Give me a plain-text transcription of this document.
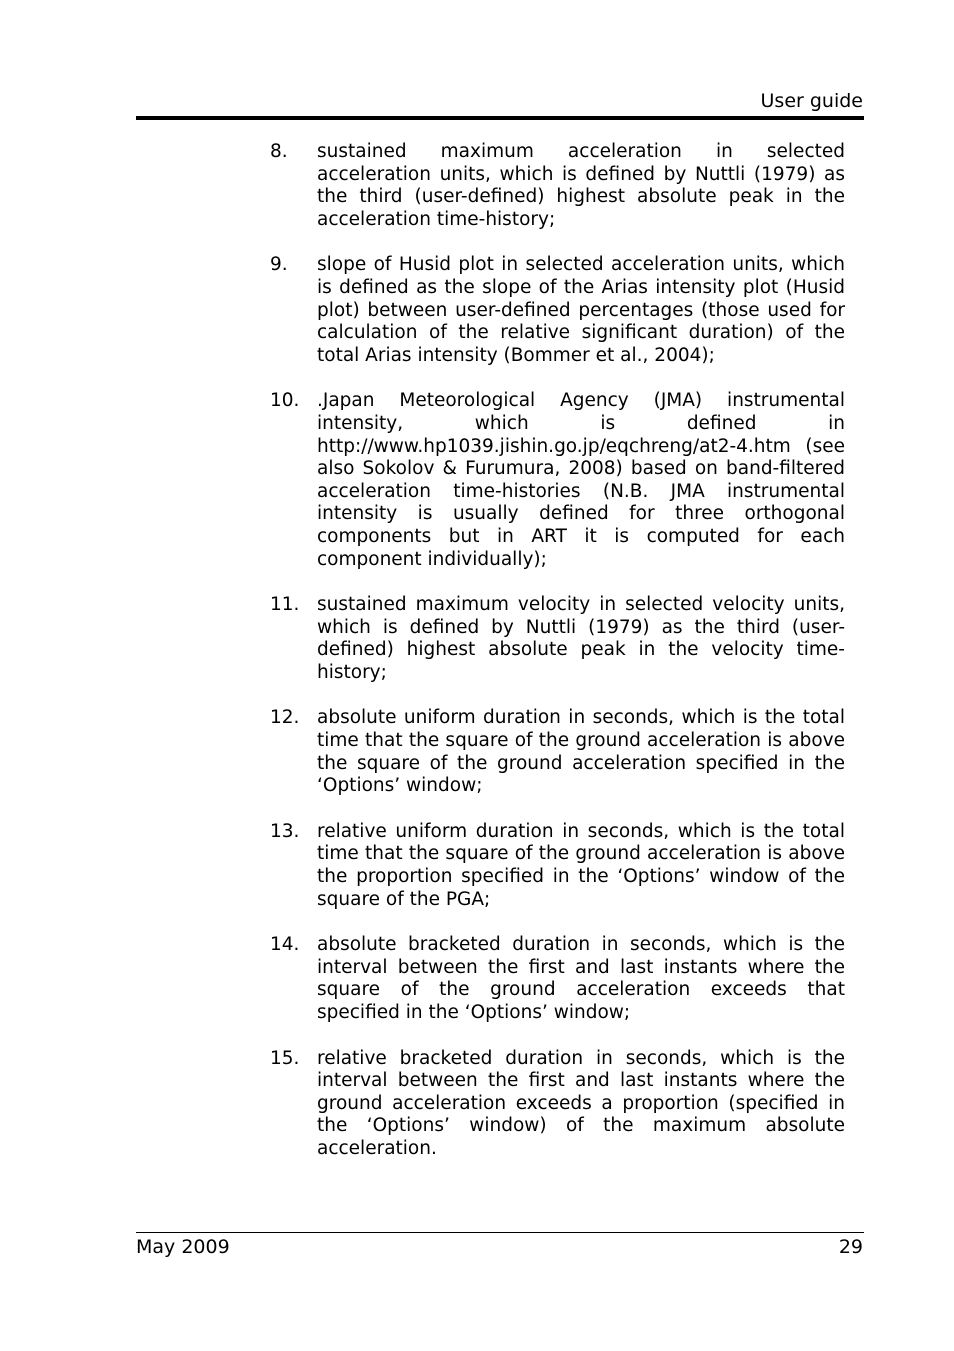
User guide
8.	sustained maximum acceleration in selected acceleration units, which is defined by Nuttli (1979) as the third (user-defined) highest absolute peak in the acceleration time-history;
9.	slope of Husid plot in selected acceleration units, which is defined as the slope of the Arias intensity plot (Husid plot) between user-defined percentages (those used for calculation of the relative significant duration) of the total Arias intensity (Bommer et al., 2004);
10. .Japan Meteorological Agency (JMA) instrumental intensity, which is defined in http://www.hp1039.jishin.go.jp/eqchreng/at2-4.htm (see also Sokolov & Furumura, 2008) based on band-filtered acceleration time-histories (N.B. JMA instrumental intensity is usually defined for three orthogonal components but in ART it is computed for each component individually);
11. sustained maximum velocity in selected velocity units, which is defined by Nuttli (1979) as the third (user-defined) highest absolute peak in the velocity time-history;
12. absolute uniform duration in seconds, which is the total time that the square of the ground acceleration is above the square of the ground acceleration specified in the ‘Options’ window;
13. relative uniform duration in seconds, which is the total time that the square of the ground acceleration is above the proportion specified in the ‘Options’ window of the square of the PGA;
14. absolute bracketed duration in seconds, which is the interval between the first and last instants where the square of the ground acceleration exceeds that specified in the ‘Options’ window;
15. relative bracketed duration in seconds, which is the interval between the first and last instants where the ground acceleration exceeds a proportion (specified in the ‘Options’ window) of the maximum absolute acceleration.
May 2009	29
